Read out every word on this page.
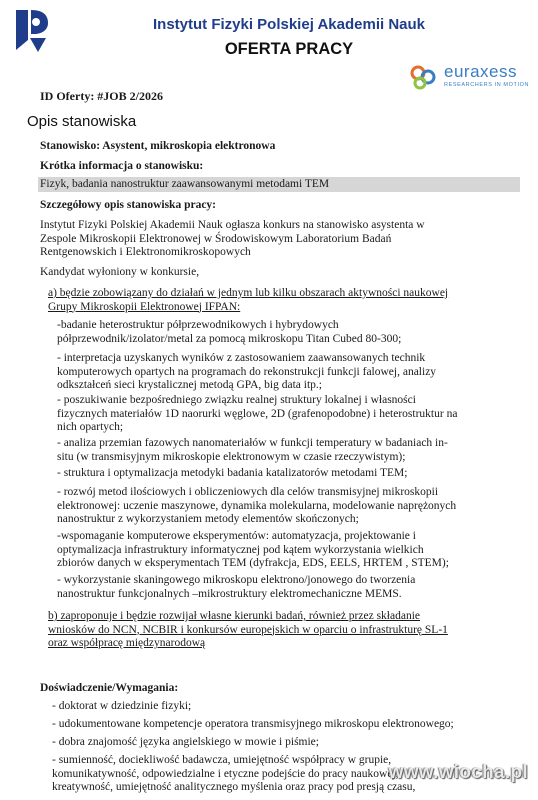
Instytut Fizyki Polskiej Akademii Nauk
OFERTA PRACY
euraxess
RESEARCHERS IN MOTION
ID Oferty: #JOB 2/2026
Opis stanowiska
Stanowisko: Asystent, mikroskopia elektronowa
Krótka informacja o stanowisku:
Fizyk, badania nanostruktur zaawansowanymi metodami TEM
Szczegółowy opis stanowiska pracy:
Instytut Fizyki Polskiej Akademii Nauk ogłasza konkurs na stanowisko asystenta w
Zespole Mikroskopii Elektronowej w Środowiskowym Laboratorium Badań
Rentgenowskich i Elektronomikroskopowych
Kandydat wyłoniony w konkursie,
a) będzie zobowiązany do działań w jednym lub kilku obszarach aktywności naukowej
Grupy Mikroskopii Elektronowej IFPAN:
-badanie heterostruktur półprzewodnikowych i hybrydowych
półprzewodnik/izolator/metal za pomocą mikroskopu Titan Cubed 80-300;
- interpretacja uzyskanych wyników z zastosowaniem zaawansowanych technik
komputerowych opartych na programach do rekonstrukcji funkcji falowej, analizy
odkształceń sieci krystalicznej metodą GPA, big data itp.;
- poszukiwanie bezpośredniego związku realnej struktury lokalnej i własności
fizycznych materiałów 1D naorurki węglowe, 2D (grafenopodobne) i heterostruktur na
nich opartych;
- analiza przemian fazowych nanomateriałów w funkcji temperatury w badaniach in-
situ (w transmisyjnym mikroskopie elektronowym w czasie rzeczywistym);
- struktura i optymalizacja metodyki badania katalizatorów metodami TEM;
- rozwój metod ilościowych i obliczeniowych dla celów transmisyjnej mikroskopii
elektronowej: uczenie maszynowe, dynamika molekularna, modelowanie naprężonych
nanostruktur z wykorzystaniem metody elementów skończonych;
-wspomaganie komputerowe eksperymentów: automatyzacja, projektowanie i
optymalizacja infrastruktury informatycznej pod kątem wykorzystania wielkich
zbiorów danych w eksperymentach TEM (dyfrakcja, EDS, EELS, HRTEM , STEM);
- wykorzystanie skaningowego mikroskopu elektrono/jonowego do tworzenia
nanostruktur funkcjonalnych –mikrostruktury elektromechaniczne MEMS.
b) zaproponuje i będzie rozwijał własne kierunki badań, również przez składanie
wniosków do NCN, NCBIR i konkursów europejskich w oparciu o infrastrukturę SL-1
oraz współpracę międzynarodową
Doświadczenie/Wymagania:
- doktorat w dziedzinie fizyki;
- udokumentowane kompetencje operatora transmisyjnego mikroskopu elektronowego;
- dobra znajomość języka angielskiego w mowie i piśmie;
- sumienność, dociekliwość badawcza, umiejętność współpracy w grupie,
komunikatywność, odpowiedzialne i etyczne podejście do pracy naukowej,
kreatywność, umiejętność analitycznego myślenia oraz pracy pod presją czasu,
www.wiocha.pl
